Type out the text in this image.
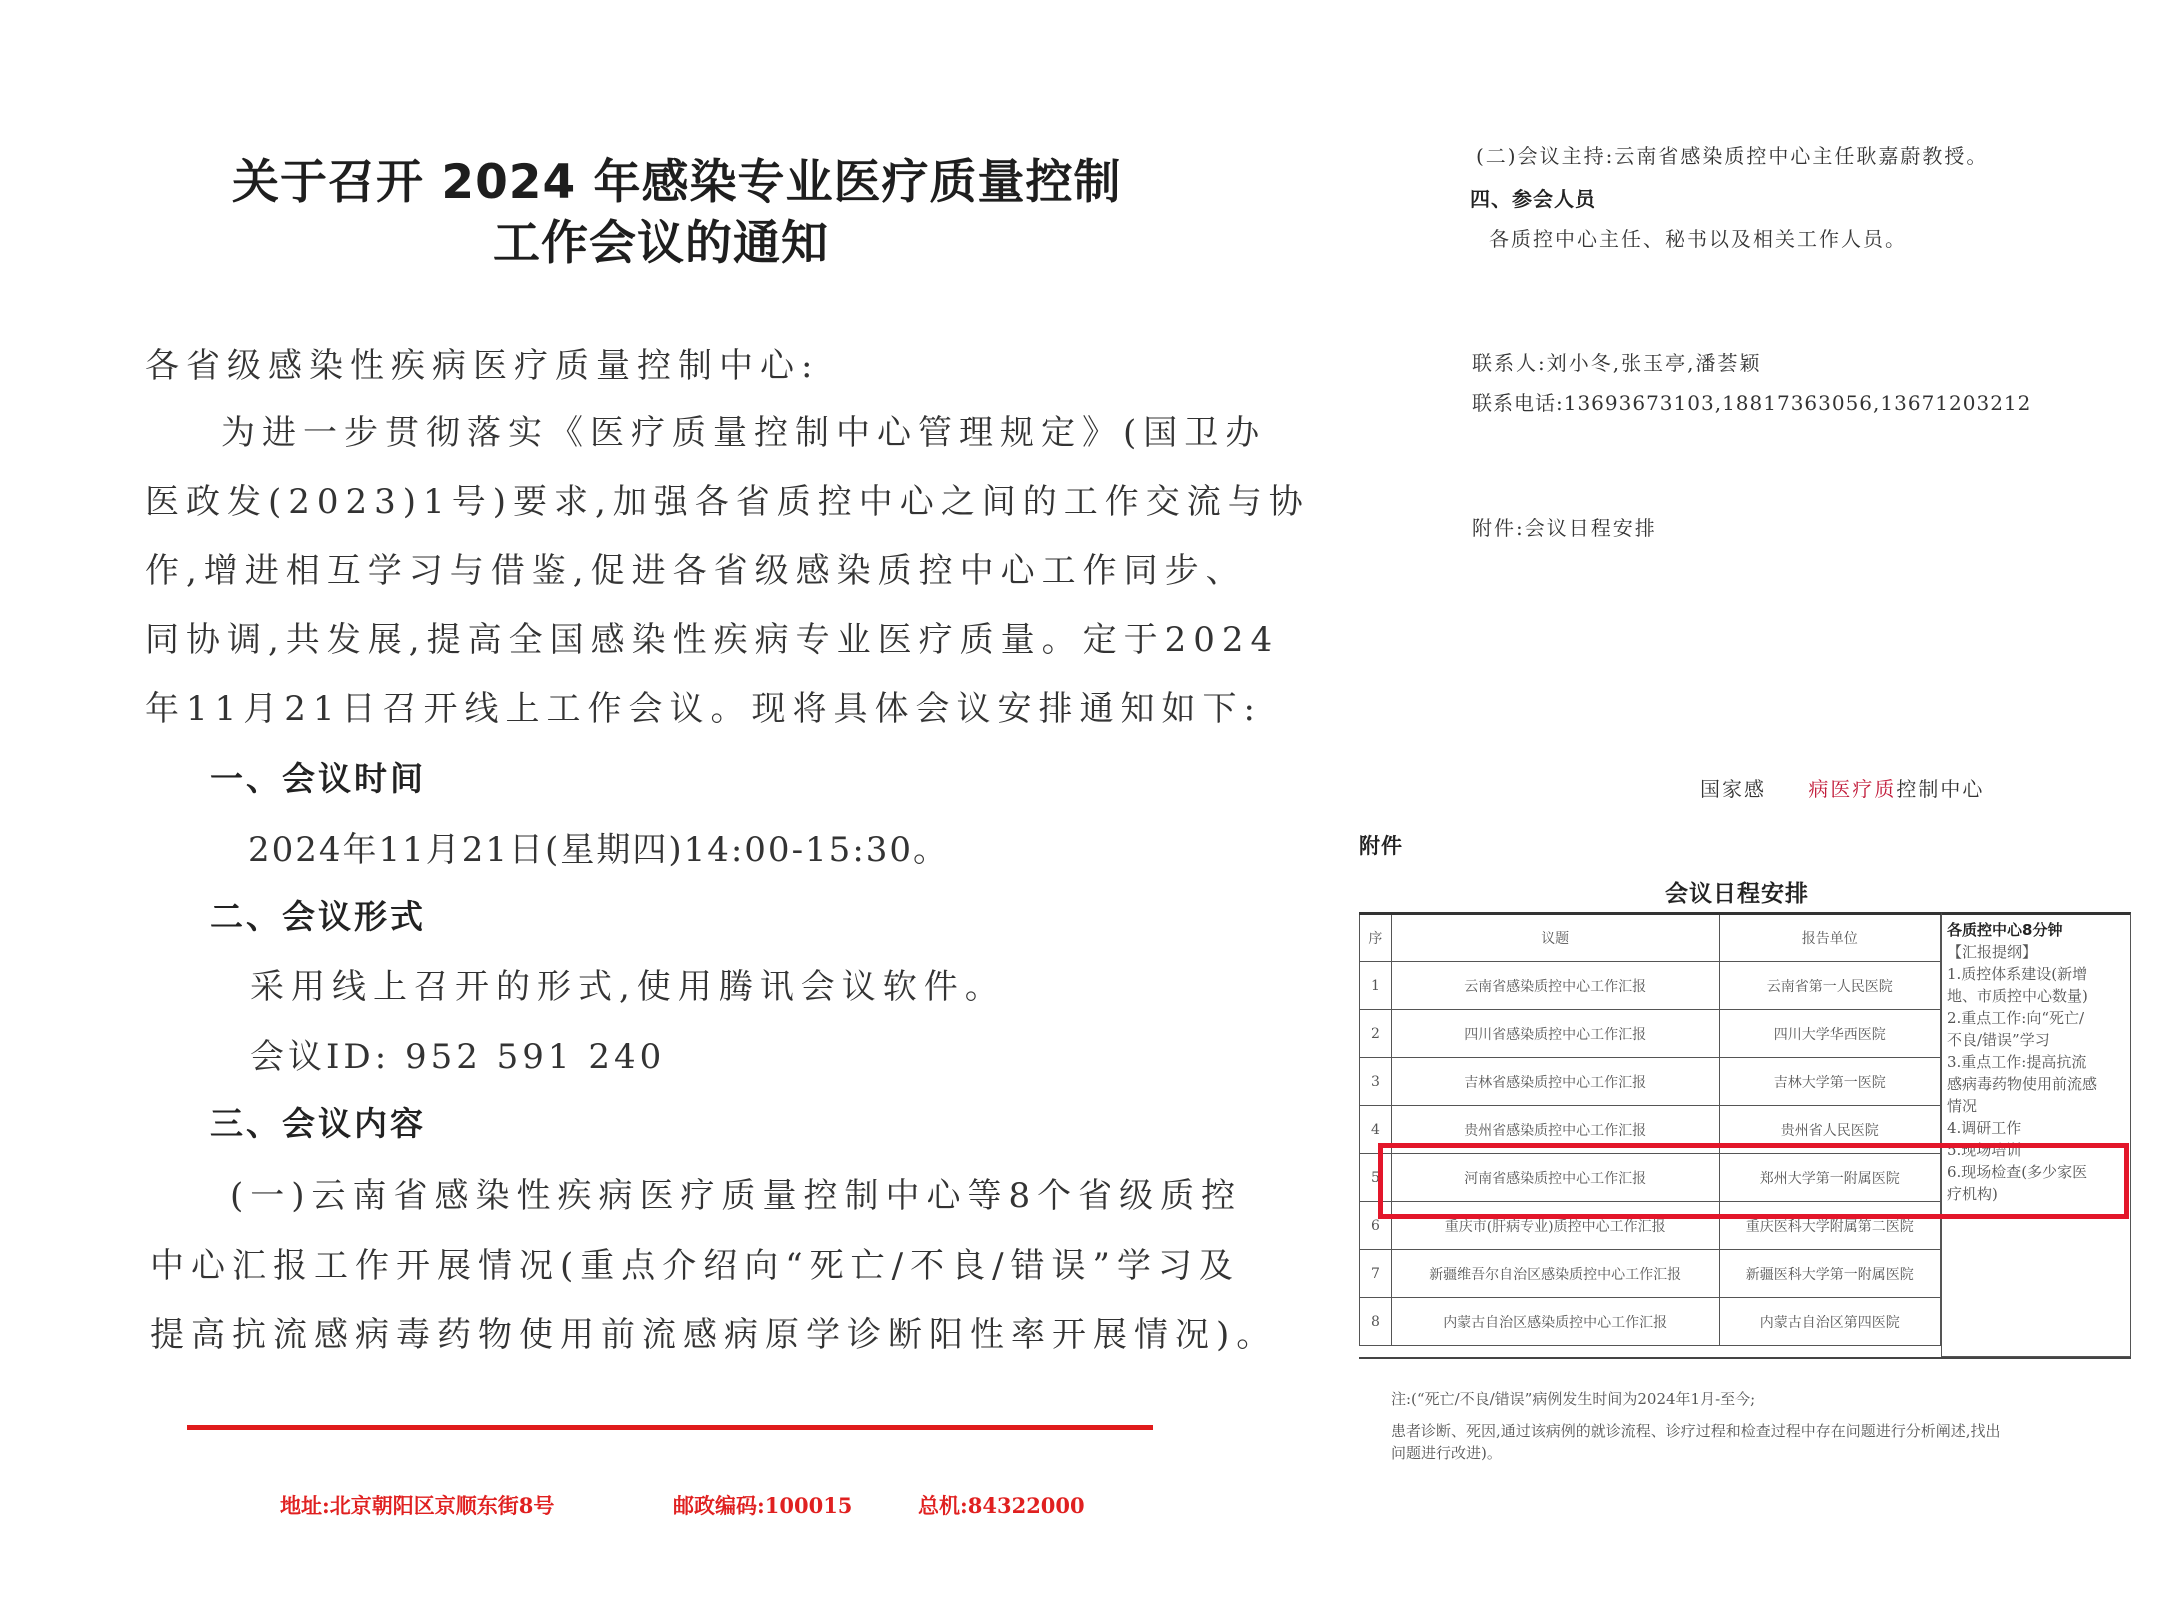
关于召开 2024 年感染专业医疗质量控制
工作会议的通知
各省级感染性疾病医疗质量控制中心:
为进一步贯彻落实《医疗质量控制中心管理规定》(国卫办
医政发(2023)1号)要求,加强各省质控中心之间的工作交流与协
作,增进相互学习与借鉴,促进各省级感染质控中心工作同步、
同协调,共发展,提高全国感染性疾病专业医疗质量。定于2024
年11月21日召开线上工作会议。现将具体会议安排通知如下:
一、会议时间
2024年11月21日(星期四)14:00-15:30。
二、会议形式
采用线上召开的形式,使用腾讯会议软件。
会议ID: 952 591 240
三、会议内容
(一)云南省感染性疾病医疗质量控制中心等8个省级质控
中心汇报工作开展情况(重点介绍向“死亡/不良/错误”学习及
提高抗流感病毒药物使用前流感病原学诊断阳性率开展情况)。
地址:北京朝阳区京顺东街8号	邮政编码:100015	总机:84322000
(二)会议主持:云南省感染质控中心主任耿嘉蔚教授。
四、参会人员
各质控中心主任、秘书以及相关工作人员。
联系人:刘小冬,张玉亭,潘荟颖
联系电话:13693673103,18817363056,13671203212
附件:会议日程安排
国家感 病医疗质控制中心
附件
会议日程安排
序	议题	报告单位
1	云南省感染质控中心工作汇报	云南省第一人民医院
2	四川省感染质控中心工作汇报	四川大学华西医院
3	吉林省感染质控中心工作汇报	吉林大学第一医院
4	贵州省感染质控中心工作汇报	贵州省人民医院
5	河南省感染质控中心工作汇报	郑州大学第一附属医院
6	重庆市(肝病专业)质控中心工作汇报	重庆医科大学附属第二医院
7	新疆维吾尔自治区感染质控中心工作汇报	新疆医科大学第一附属医院
8	内蒙古自治区感染质控中心工作汇报	内蒙古自治区第四医院
各质控中心8分钟
【汇报提纲】
1.质控体系建设(新增
地、市质控中心数量)
2.重点工作:向“死亡/
不良/错误”学习
3.重点工作:提高抗流
感病毒药物使用前流感
情况
4.调研工作
5.现场培训
6.现场检查(多少家医
疗机构)
注:(“死亡/不良/错误”病例发生时间为2024年1月-至今;
患者诊断、死因,通过该病例的就诊流程、诊疗过程和检查过程中存在问题进行分析阐述,找出
问题进行改进)。
